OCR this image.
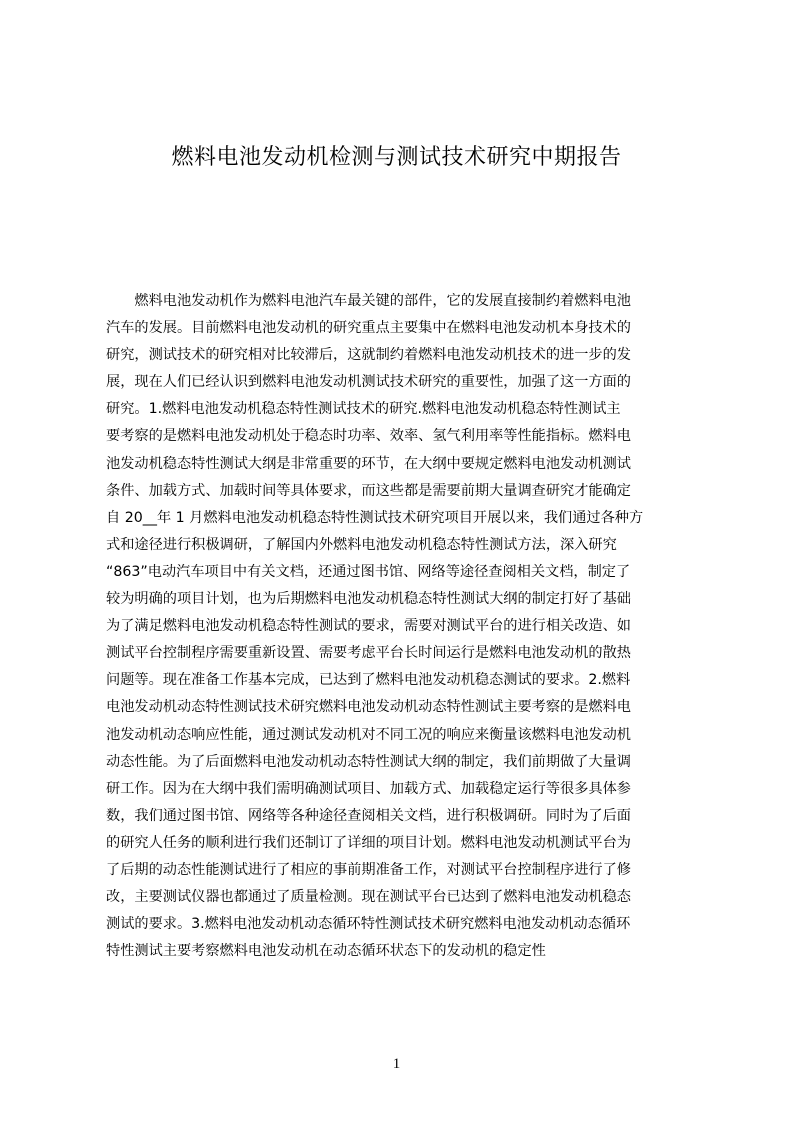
燃料电池发动机检测与测试技术研究中期报告
　　燃料电池发动机作为燃料电池汽车最关键的部件，它的发展直接制约着燃料电池
汽车的发展。目前燃料电池发动机的研究重点主要集中在燃料电池发动机本身技术的
研究，测试技术的研究相对比较滞后，这就制约着燃料电池发动机技术的进一步的发
展，现在人们已经认识到燃料电池发动机测试技术研究的重要性，加强了这一方面的
研究。1.燃料电池发动机稳态特性测试技术的研究.燃料电池发动机稳态特性测试主
要考察的是燃料电池发动机处于稳态时功率、效率、氢气利用率等性能指标。燃料电
池发动机稳态特性测试大纲是非常重要的环节，在大纲中要规定燃料电池发动机测试
条件、加载方式、加载时间等具体要求，而这些都是需要前期大量调查研究才能确定
自 20__年 1 月燃料电池发动机稳态特性测试技术研究项目开展以来，我们通过各种方
式和途径进行积极调研，了解国内外燃料电池发动机稳态特性测试方法，深入研究
“863”电动汽车项目中有关文档，还通过图书馆、网络等途径查阅相关文档，制定了
较为明确的项目计划，也为后期燃料电池发动机稳态特性测试大纲的制定打好了基础
为了满足燃料电池发动机稳态特性测试的要求，需要对测试平台的进行相关改造、如
测试平台控制程序需要重新设置、需要考虑平台长时间运行是燃料电池发动机的散热
问题等。现在准备工作基本完成，已达到了燃料电池发动机稳态测试的要求。2.燃料
电池发动机动态特性测试技术研究燃料电池发动机动态特性测试主要考察的是燃料电
池发动机动态响应性能，通过测试发动机对不同工况的响应来衡量该燃料电池发动机
动态性能。为了后面燃料电池发动机动态特性测试大纲的制定，我们前期做了大量调
研工作。因为在大纲中我们需明确测试项目、加载方式、加载稳定运行等很多具体参
数，我们通过图书馆、网络等各种途径查阅相关文档，进行积极调研。同时为了后面
的研究人任务的顺利进行我们还制订了详细的项目计划。燃料电池发动机测试平台为
了后期的动态性能测试进行了相应的事前期准备工作，对测试平台控制程序进行了修
改，主要测试仪器也都通过了质量检测。现在测试平台已达到了燃料电池发动机稳态
测试的要求。3.燃料电池发动机动态循环特性测试技术研究燃料电池发动机动态循环
特性测试主要考察燃料电池发动机在动态循环状态下的发动机的稳定性
1
